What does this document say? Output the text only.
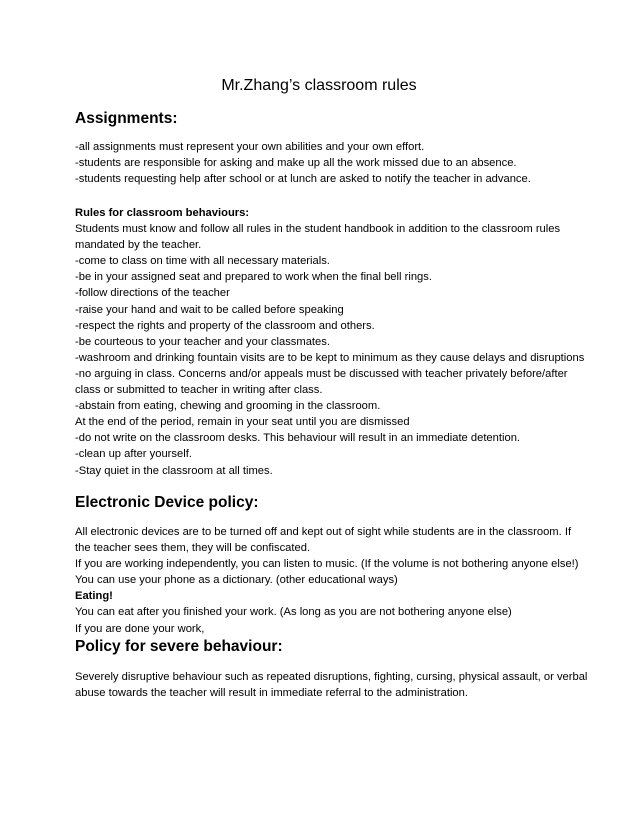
Mr.Zhang’s classroom rules

Assignments:

-all assignments must represent your own abilities and your own effort.

-students are responsible for asking and make up all the work missed due to an absence.

-students requesting help after school or at lunch are asked to notify the teacher in advance.

Rules for classroom behaviours:

Students must know and follow all rules in the student handbook in addition to the classroom rules

mandated by the teacher.

-come to class on time with all necessary materials.

-be in your assigned seat and prepared to work when the final bell rings.

-follow directions of the teacher

-raise your hand and wait to be called before speaking

-respect the rights and property of the classroom and others.

-be courteous to your teacher and your classmates.

-washroom and drinking fountain visits are to be kept to minimum as they cause delays and disruptions

-no arguing in class. Concerns and/or appeals must be discussed with teacher privately before/after

class or submitted to teacher in writing after class.

-abstain from eating, chewing and grooming in the classroom.

At the end of the period, remain in your seat until you are dismissed

-do not write on the classroom desks. This behaviour will result in an immediate detention.

-clean up after yourself.

-Stay quiet in the classroom at all times.

Electronic Device policy:

All electronic devices are to be turned off and kept out of sight while students are in the classroom. If

the teacher sees them, they will be confiscated.

If you are working independently, you can listen to music. (If the volume is not bothering anyone else!)

You can use your phone as a dictionary. (other educational ways)

Eating!

You can eat after you finished your work. (As long as you are not bothering anyone else)

If you are done your work,

Policy for severe behaviour:

Severely disruptive behaviour such as repeated disruptions, fighting, cursing, physical assault, or verbal

abuse towards the teacher will result in immediate referral to the administration.
